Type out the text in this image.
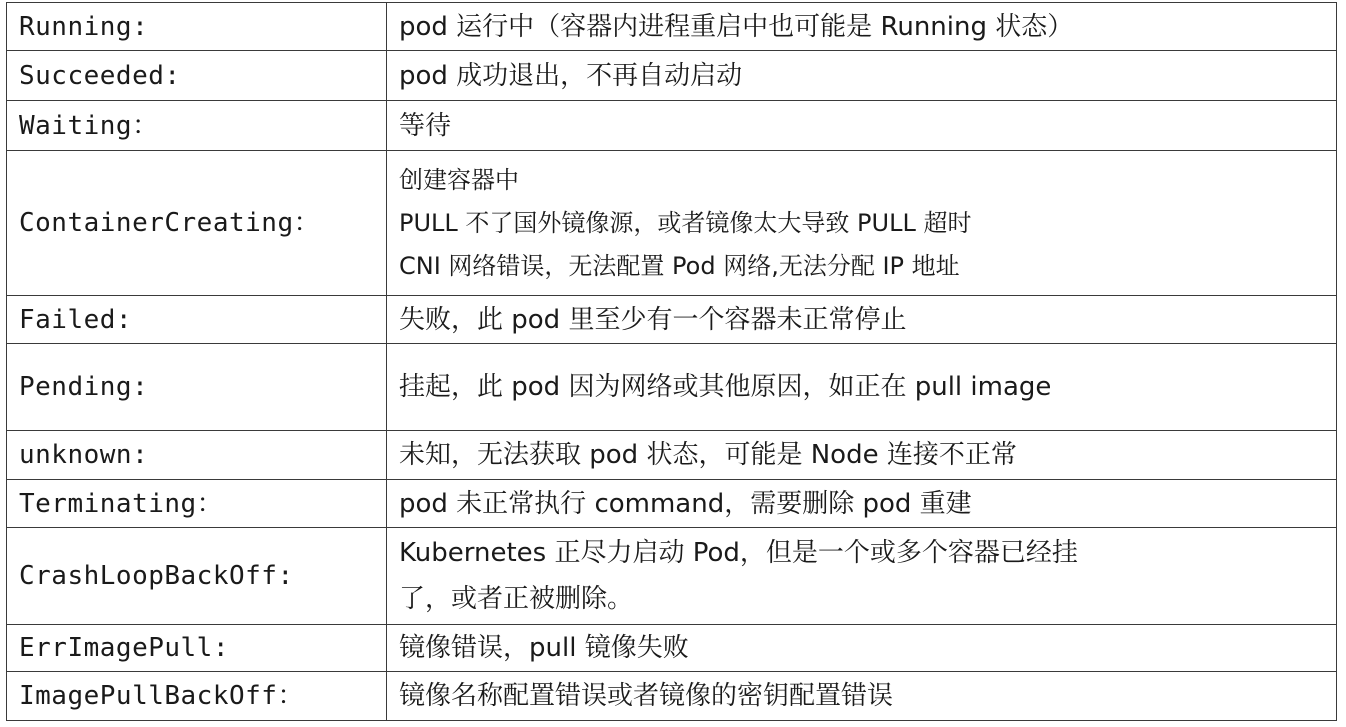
Running:	pod 运行中（容器内进程重启中也可能是 Running 状态）

Succeeded:	pod 成功退出，不再自动启动

Waiting：	等待

ContainerCreating：	创建容器中
PULL 不了国外镜像源，或者镜像太大导致 PULL 超时
CNI 网络错误，无法配置 Pod 网络,无法分配 IP 地址

Failed:	失败，此 pod 里至少有一个容器未正常停止

Pending:	挂起，此 pod 因为网络或其他原因，如正在 pull image

unknown:	未知，无法获取 pod 状态，可能是 Node 连接不正常

Terminating：	pod 未正常执行 command，需要删除 pod 重建

CrashLoopBackOff:	Kubernetes 正尽力启动 Pod，但是一个或多个容器已经挂
了，或者正被删除。

ErrImagePull:	镜像错误，pull 镜像失败

ImagePullBackOff：	镜像名称配置错误或者镜像的密钥配置错误
